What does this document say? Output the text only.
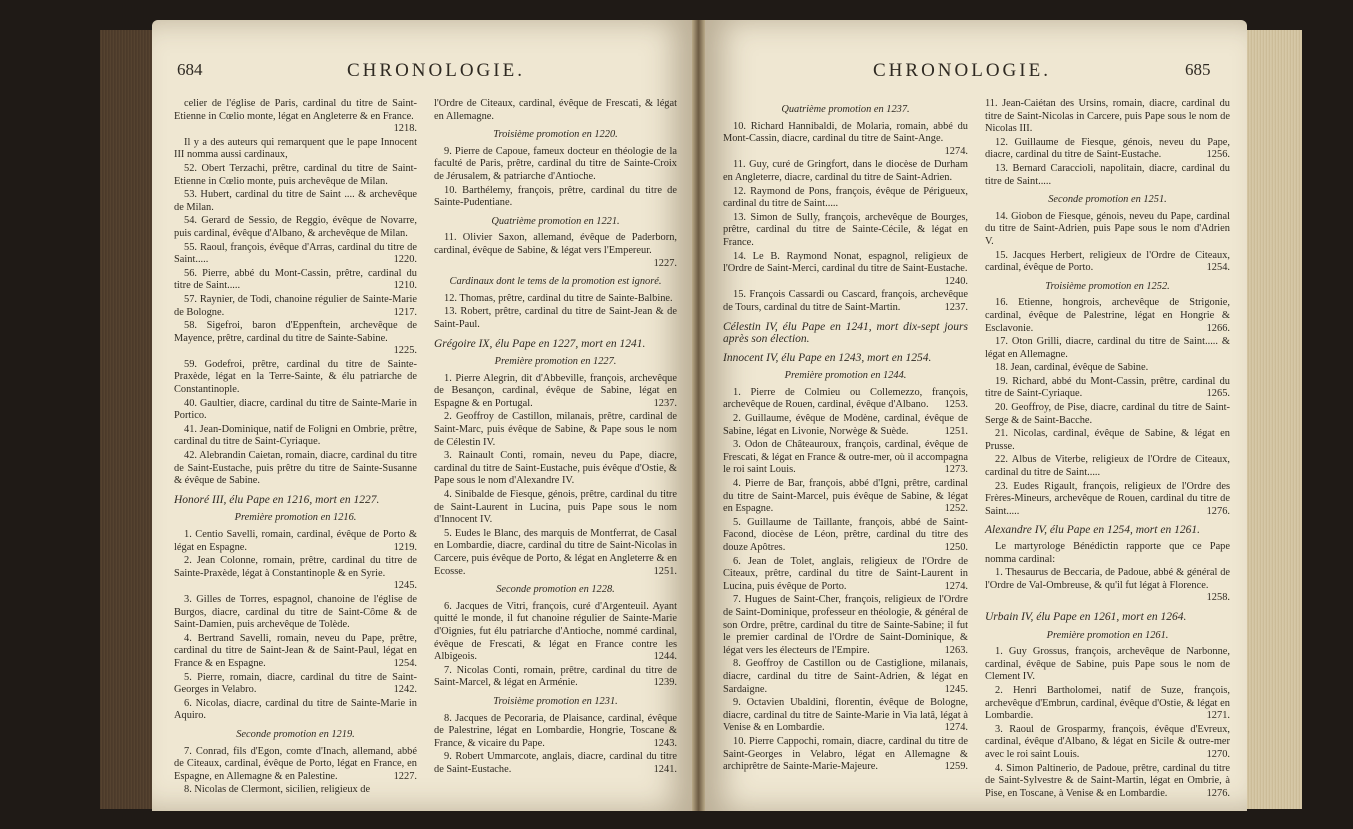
684	CHRONOLOGIE.

celier de l'église de Paris, cardinal du titre de Saint-Etienne in Cœlio monte, légat en Angleterre & en France.
1218.

Il y a des auteurs qui remarquent que le pape Innocent III nomma aussi cardinaux,

52. Obert Terzachi, prêtre, cardinal du titre de Saint-Etienne in Cœlio monte, puis archevêque de Milan.

53. Hubert, cardinal du titre de Saint .... & archevêque de Milan.

54. Gerard de Sessio, de Reggio, évêque de Novarre, puis cardinal, évêque d'Albano, & archevêque de Milan.

55. Raoul, françois, évêque d'Arras, cardinal du titre de Saint.....	1220.

56. Pierre, abbé du Mont-Cassin, prêtre, cardinal du titre de Saint.....	1210.

57. Raynier, de Todi, chanoine régulier de Sainte-Marie de Bologne.	1217.

58. Sigefroi, baron d'Eppenftein, archevêque de Mayence, prêtre, cardinal du titre de Sainte-Sabine.
1225.

59. Godefroi, prêtre, cardinal du titre de Sainte-Praxède, légat en la Terre-Sainte, & élu patriarche de Constantinople.

40. Gaultier, diacre, cardinal du titre de Sainte-Marie in Portico.

41. Jean-Dominique, natif de Foligni en Ombrie, prêtre, cardinal du titre de Saint-Cyriaque.

42. Alebrandin Caietan, romain, diacre, cardinal du titre de Saint-Eustache, puis prêtre du titre de Sainte-Susanne & évêque de Sabine.

Honoré III, élu Pape en 1216, mort en 1227.

Première promotion en 1216.

1. Centio Savelli, romain, cardinal, évêque de Porto & légat en Espagne.	1219.

2. Jean Colonne, romain, prêtre, cardinal du titre de Sainte-Praxède, légat à Constantinople & en Syrie.
1245.

3. Gilles de Torres, espagnol, chanoine de l'église de Burgos, diacre, cardinal du titre de Saint-Côme & de Saint-Damien, puis archevêque de Tolède.

4. Bertrand Savelli, romain, neveu du Pape, prêtre, cardinal du titre de Saint-Jean & de Saint-Paul, légat en France & en Espagne.	1254.

5. Pierre, romain, diacre, cardinal du titre de Saint-Georges in Velabro.	1242.

6. Nicolas, diacre, cardinal du titre de Sainte-Marie in Aquiro.

Seconde promotion en 1219.

7. Conrad, fils d'Egon, comte d'Inach, allemand, abbé de Citeaux, cardinal, évêque de Porto, légat en France, en Espagne, en Allemagne & en Palestine.	1227.

8. Nicolas de Clermont, sicilien, religieux de

l'Ordre de Citeaux, cardinal, évêque de Frescati, & légat en Allemagne.

Troisième promotion en 1220.

9. Pierre de Capoue, fameux docteur en théologie de la faculté de Paris, prêtre, cardinal du titre de Sainte-Croix de Jérusalem, & patriarche d'Antioche.

10. Barthélemy, françois, prêtre, cardinal du titre de Sainte-Pudentiane.

Quatrième promotion en 1221.

11. Olivier Saxon, allemand, évêque de Paderborn, cardinal, évêque de Sabine, & légat vers l'Empereur.
1227.

Cardinaux dont le tems de la promotion est ignoré.

12. Thomas, prêtre, cardinal du titre de Sainte-Balbine.

13. Robert, prêtre, cardinal du titre de Saint-Jean & de Saint-Paul.

Grégoire IX, élu Pape en 1227, mort en 1241.

Première promotion en 1227.

1. Pierre Alegrin, dit d'Abbeville, françois, archevêque de Besançon, cardinal, évêque de Sabine, légat en Espagne & en Portugal.	1237.

2. Geoffroy de Castillon, milanais, prêtre, cardinal de Saint-Marc, puis évêque de Sabine, & Pape sous le nom de Célestin IV.

3. Rainault Conti, romain, neveu du Pape, diacre, cardinal du titre de Saint-Eustache, puis évêque d'Ostie, & Pape sous le nom d'Alexandre IV.

4. Sinibalde de Fiesque, génois, prêtre, cardinal du titre de Saint-Laurent in Lucina, puis Pape sous le nom d'Innocent IV.

5. Eudes le Blanc, des marquis de Montferrat, de Casal en Lombardie, diacre, cardinal du titre de Saint-Nicolas in Carcere, puis évêque de Porto, & légat en Angleterre & en Ecosse.	1251.

Seconde promotion en 1228.

6. Jacques de Vitri, françois, curé d'Argenteuil. Ayant quitté le monde, il fut chanoine régulier de Sainte-Marie d'Oignies, fut élu patriarche d'Antioche, nommé cardinal, évêque de Frescati, & légat en France contre les Albigeois.	1244.

7. Nicolas Conti, romain, prêtre, cardinal du titre de Saint-Marcel, & légat en Arménie.	1239.

Troisième promotion en 1231.

8. Jacques de Pecoraria, de Plaisance, cardinal, évêque de Palestrine, légat en Lombardie, Hongrie, Toscane & France, & vicaire du Pape.	1243.

9. Robert Ummarcote, anglais, diacre, cardinal du titre de Saint-Eustache.	1241.

CHRONOLOGIE.	685

Quatrième promotion en 1237.

10. Richard Hannibaldi, de Molaria, romain, abbé du Mont-Cassin, diacre, cardinal du titre de Saint-Ange.
1274.

11. Guy, curé de Gringfort, dans le diocèse de Durham en Angleterre, diacre, cardinal du titre de Saint-Adrien.

12. Raymond de Pons, françois, évêque de Périgueux, cardinal du titre de Saint.....

13. Simon de Sully, françois, archevêque de Bourges, prêtre, cardinal du titre de Sainte-Cécile, & légat en France.

14. Le B. Raymond Nonat, espagnol, religieux de l'Ordre de Saint-Merci, cardinal du titre de Saint-Eustache.
1240.

15. François Cassardi ou Cascard, françois, archevêque de Tours, cardinal du titre de Saint-Martin.	1237.

Célestin IV, élu Pape en 1241, mort dix-sept jours après son élection.

Innocent IV, élu Pape en 1243, mort en 1254.

Première promotion en 1244.

1. Pierre de Colmieu ou Collemezzo, françois, archevêque de Rouen, cardinal, évêque d'Albano.	1253.

2. Guillaume, évêque de Modène, cardinal, évêque de Sabine, légat en Livonie, Norwège & Suède.	1251.

3. Odon de Châteauroux, françois, cardinal, évêque de Frescati, & légat en France & outre-mer, où il accompagna le roi saint Louis.	1273.

4. Pierre de Bar, françois, abbé d'Igni, prêtre, cardinal du titre de Saint-Marcel, puis évêque de Sabine, & légat en Espagne.	1252.

5. Guillaume de Taillante, françois, abbé de Saint-Facond, diocèse de Léon, prêtre, cardinal du titre des douze Apôtres.	1250.

6. Jean de Tolet, anglais, religieux de l'Ordre de Citeaux, prêtre, cardinal du titre de Saint-Laurent in Lucina, puis évêque de Porto.	1274.

7. Hugues de Saint-Cher, françois, religieux de l'Ordre de Saint-Dominique, professeur en théologie, & général de son Ordre, prêtre, cardinal du titre de Sainte-Sabine; il fut le premier cardinal de l'Ordre de Saint-Dominique, & légat vers les électeurs de l'Empire.	1263.

8. Geoffroy de Castillon ou de Castiglione, milanais, diacre, cardinal du titre de Saint-Adrien, & légat en Sardaigne.	1245.

9. Octavien Ubaldini, florentin, évêque de Bologne, diacre, cardinal du titre de Sainte-Marie in Via latâ, légat à Venise & en Lombardie.	1274.

10. Pierre Cappochi, romain, diacre, cardinal du titre de Saint-Georges in Velabro, légat en Allemagne & archiprêtre de Sainte-Marie-Majeure.	1259.

11. Jean-Caiétan des Ursins, romain, diacre, cardinal du titre de Saint-Nicolas in Carcere, puis Pape sous le nom de Nicolas III.

12. Guillaume de Fiesque, génois, neveu du Pape, diacre, cardinal du titre de Saint-Eustache.	1256.

13. Bernard Caraccioli, napolitain, diacre, cardinal du titre de Saint.....

Seconde promotion en 1251.

14. Giobon de Fiesque, génois, neveu du Pape, cardinal du titre de Saint-Adrien, puis Pape sous le nom d'Adrien V.

15. Jacques Herbert, religieux de l'Ordre de Citeaux, cardinal, évêque de Porto.	1254.

Troisième promotion en 1252.

16. Etienne, hongrois, archevêque de Strigonie, cardinal, évêque de Palestrine, légat en Hongrie & Esclavonie.	1266.

17. Oton Grilli, diacre, cardinal du titre de Saint..... & légat en Allemagne.

18. Jean, cardinal, évêque de Sabine.

19. Richard, abbé du Mont-Cassin, prêtre, cardinal du titre de Saint-Cyriaque.	1265.

20. Geoffroy, de Pise, diacre, cardinal du titre de Saint-Serge & de Saint-Bacche.

21. Nicolas, cardinal, évêque de Sabine, & légat en Prusse.

22. Albus de Viterbe, religieux de l'Ordre de Citeaux, cardinal du titre de Saint.....

23. Eudes Rigault, françois, religieux de l'Ordre des Frères-Mineurs, archevêque de Rouen, cardinal du titre de Saint.....	1276.

Alexandre IV, élu Pape en 1254, mort en 1261.

Le martyrologe Bénédictin rapporte que ce Pape nomma cardinal:

1. Thesaurus de Beccaria, de Padoue, abbé & général de l'Ordre de Val-Ombreuse, & qu'il fut légat à Florence.
1258.

Urbain IV, élu Pape en 1261, mort en 1264.

Première promotion en 1261.

1. Guy Grossus, françois, archevêque de Narbonne, cardinal, évêque de Sabine, puis Pape sous le nom de Clement IV.

2. Henri Bartholomei, natif de Suze, françois, archevêque d'Embrun, cardinal, évêque d'Ostie, & légat en Lombardie.	1271.

3. Raoul de Grosparmy, françois, évêque d'Evreux, cardinal, évêque d'Albano, & légat en Sicile & outre-mer avec le roi saint Louis.	1270.

4. Simon Paltinerio, de Padoue, prêtre, cardinal du titre de Saint-Sylvestre & de Saint-Martin, légat en Ombrie, à Pise, en Toscane, à Venise & en Lombardie.	1276.
